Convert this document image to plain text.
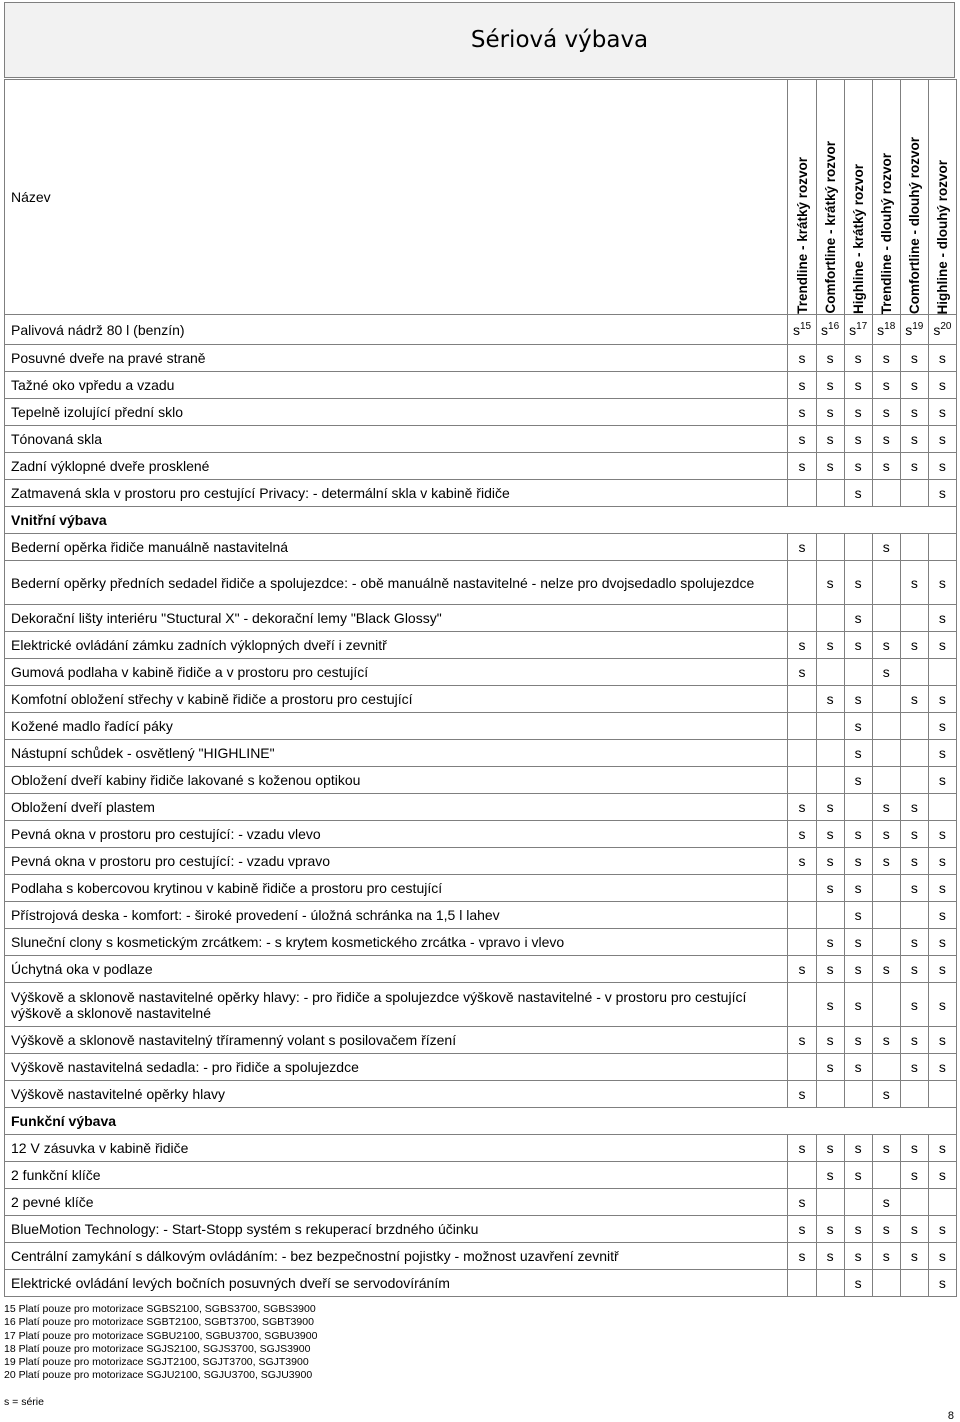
Sériová výbava
Název	Trendline - krátký rozvor	Comfortline - krátký rozvor	Highline - krátký rozvor	Trendline - dlouhý rozvor	Comfortline - dlouhý rozvor	Highline - dlouhý rozvor

Palivová nádrž 80 l (benzín)	$s^{15}$	$s^{16}$	$s^{17}$	$s^{18}$	$s^{19}$	$s^{20}$
Posuvné dveře na pravé straně	s	s	s	s	s	s
Tažné oko vpředu a vzadu	s	s	s	s	s	s
Tepelně izolující přední sklo	s	s	s	s	s	s
Tónovaná skla	s	s	s	s	s	s
Zadní výklopné dveře prosklené	s	s	s	s	s	s
Zatmavená skla v prostoru pro cestující Privacy: - determální skla v kabině řidiče			s			s
Vnitřní výbava						
Bederní opěrka řidiče manuálně nastavitelná	s			s		
Bederní opěrky předních sedadel řidiče a spolujezdce: - obě manuálně nastavitelné - nelze pro dvojsedadlo spolujezdce		s	s		s	s
Dekorační lišty interiéru "Stuctural X" - dekorační lemy "Black Glossy"			s			s
Elektrické ovládání zámku zadních výklopných dveří i zevnitř	s	s	s	s	s	s
Gumová podlaha v kabině řidiče a v prostoru pro cestující	s			s		
Komfotní obložení střechy v kabině řidiče a prostoru pro cestující		s	s		s	s
Kožené madlo řadící páky			s			s
Nástupní schůdek - osvětlený "HIGHLINE"			s			s
Obložení dveří kabiny řidiče lakované s koženou optikou			s			s
Obložení dveří plastem	s	s		s	s	
Pevná okna v prostoru pro cestující: - vzadu vlevo	s	s	s	s	s	s
Pevná okna v prostoru pro cestující: - vzadu vpravo	s	s	s	s	s	s
Podlaha s kobercovou krytinou v kabině řidiče a prostoru pro cestující		s	s		s	s
Přístrojová deska - komfort: - široké provedení - úložná schránka na 1,5 l lahev			s			s
Sluneční clony s kosmetickým zrcátkem: - s krytem kosmetického zrcátka - vpravo i vlevo		s	s		s	s
Úchytná oka v podlaze	s	s	s	s	s	s
Výškově a sklonově nastavitelné opěrky hlavy: - pro řidiče a spolujezdce výškově nastavitelné - v prostoru pro cestující výškově a sklonově nastavitelné		s	s		s	s
Výškově a sklonově nastavitelný tříramenný volant s posilovačem řízení	s	s	s	s	s	s
Výškově nastavitelná sedadla: - pro řidiče a spolujezdce		s	s		s	s
Výškově nastavitelné opěrky hlavy	s			s		
Funkční výbava						
12 V zásuvka v kabině řidiče	s	s	s	s	s	s
2 funkční klíče		s	s		s	s
2 pevné klíče	s			s		
BlueMotion Technology: - Start-Stopp systém s rekuperací brzdného účinku	s	s	s	s	s	s
Centrální zamykání s dálkovým ovládáním: - bez bezpečnostní pojistky - možnost uzavření zevnitř	s	s	s	s	s	s
Elektrické ovládání levých bočních posuvných dveří se servodovíráním			s			s
15 Platí pouze pro motorizace SGBS2100, SGBS3700, SGBS3900
16 Platí pouze pro motorizace SGBT2100, SGBT3700, SGBT3900
17 Platí pouze pro motorizace SGBU2100, SGBU3700, SGBU3900
18 Platí pouze pro motorizace SGJS2100, SGJS3700, SGJS3900
19 Platí pouze pro motorizace SGJT2100, SGJT3700, SGJT3900
20 Platí pouze pro motorizace SGJU2100, SGJU3700, SGJU3900
s = série
8
